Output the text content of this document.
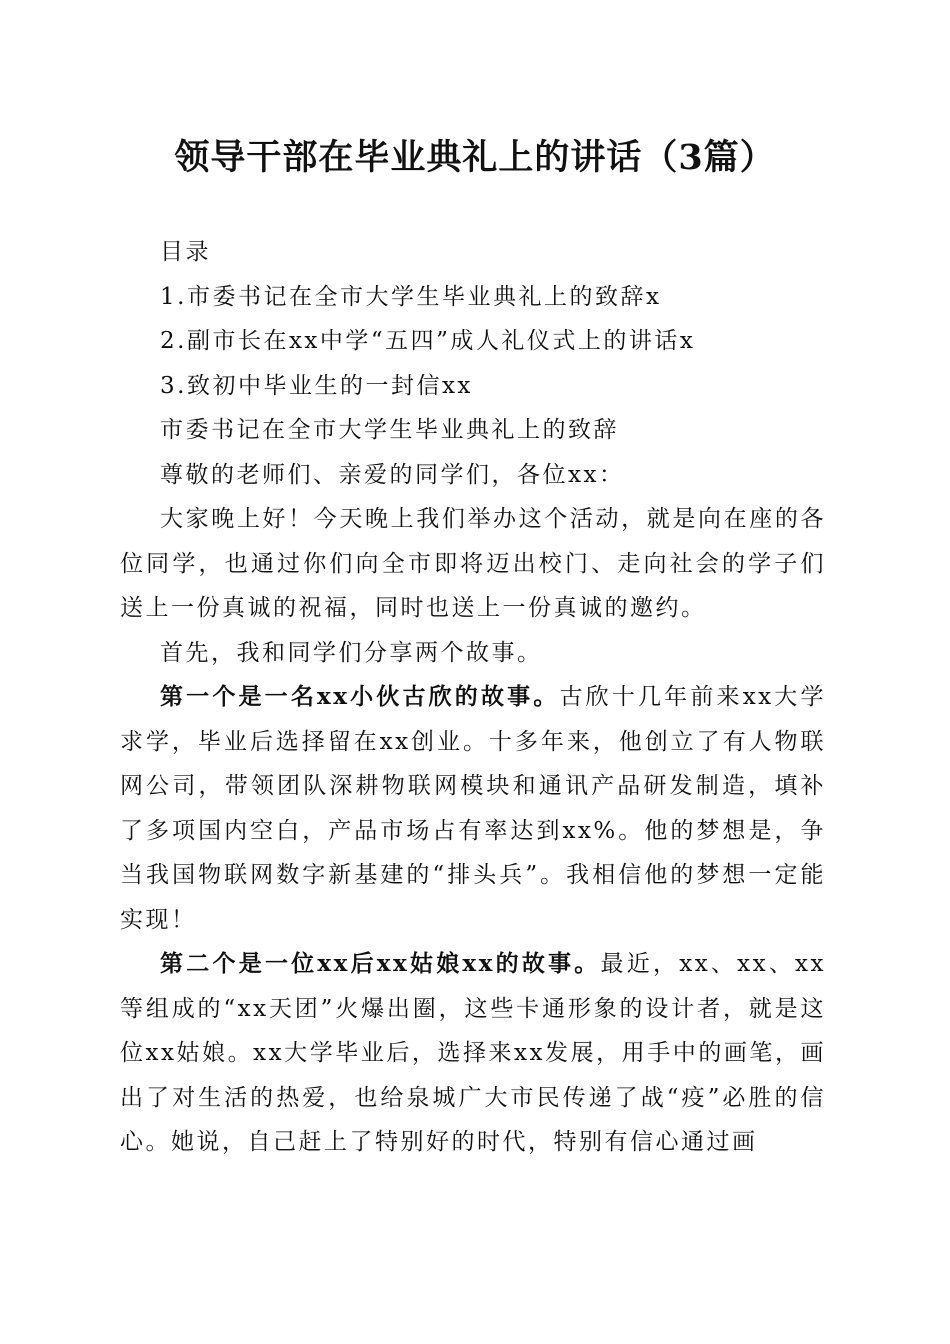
领导干部在毕业典礼上的讲话（3篇）

目录

1.市委书记在全市大学生毕业典礼上的致辞x

2.副市长在xx中学“五四”成人礼仪式上的讲话x

3.致初中毕业生的一封信xx

市委书记在全市大学生毕业典礼上的致辞

尊敬的老师们、亲爱的同学们，各位xx：

大家晚上好！今天晚上我们举办这个活动，就是向在座的各位同学，也通过你们向全市即将迈出校门、走向社会的学子们送上一份真诚的祝福，同时也送上一份真诚的邀约。

首先，我和同学们分享两个故事。

第一个是一名xx小伙古欣的故事。古欣十几年前来xx大学求学，毕业后选择留在xx创业。十多年来，他创立了有人物联网公司，带领团队深耕物联网模块和通讯产品研发制造，填补了多项国内空白，产品市场占有率达到xx%。他的梦想是，争当我国物联网数字新基建的“排头兵”。我相信他的梦想一定能实现！

第二个是一位xx后xx姑娘xx的故事。最近，xx、xx、xx等组成的“xx天团”火爆出圈，这些卡通形象的设计者，就是这位xx姑娘。xx大学毕业后，选择来xx发展，用手中的画笔，画出了对生活的热爱，也给泉城广大市民传递了战“疫”必胜的信心。她说，自己赶上了特别好的时代，特别有信心通过画
